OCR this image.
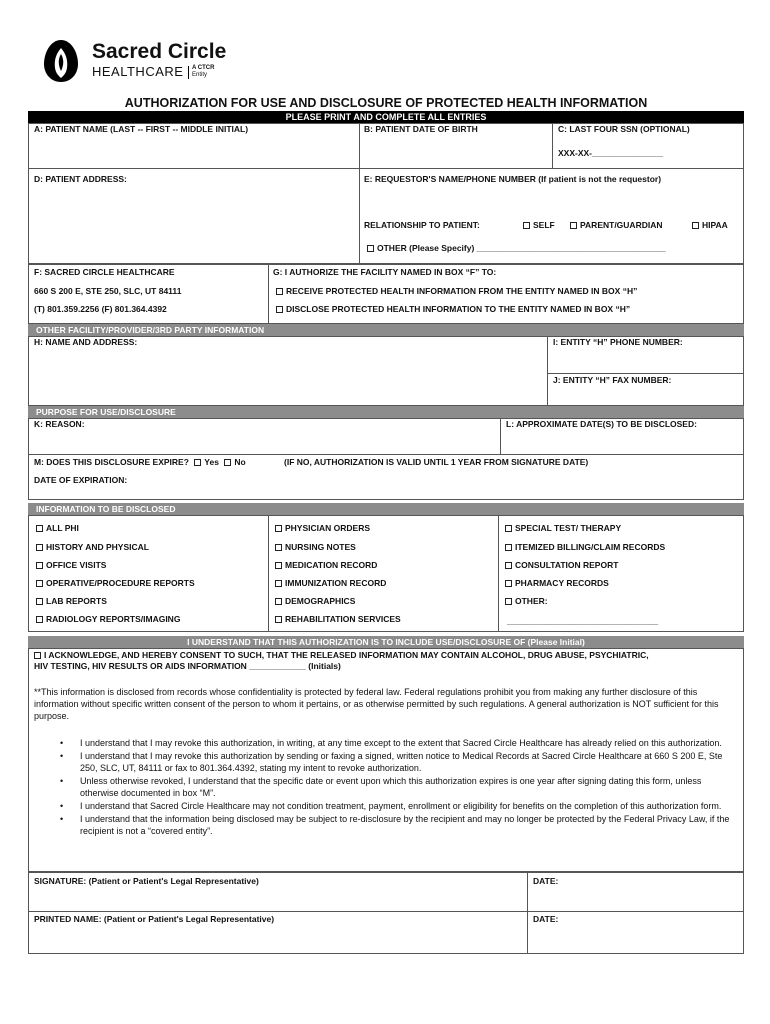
Sacred Circle
HEALTHCARE A CTCR
Entity
AUTHORIZATION FOR USE AND DISCLOSURE OF PROTECTED HEALTH INFORMATION
PLEASE PRINT AND COMPLETE ALL ENTRIES
A: PATIENT NAME (LAST -- FIRST -- MIDDLE INITIAL)	B: PATIENT DATE OF BIRTH	C: LAST FOUR SSN (OPTIONAL)
XXX-XX-_______________
D: PATIENT ADDRESS:	E: REQUESTOR'S NAME/PHONE NUMBER (If patient is not the requestor)
RELATIONSHIP TO PATIENT:	SELF	PARENT/GUARDIAN	HIPAA
OTHER (Please Specify) ________________________________________
F: SACRED CIRCLE HEALTHCARE
660 S 200 E, STE 250, SLC, UT 84111
(T) 801.359.2256 (F) 801.364.4392
G: I AUTHORIZE THE FACILITY NAMED IN BOX “F” TO:
RECEIVE PROTECTED HEALTH INFORMATION FROM THE ENTITY NAMED IN BOX “H”
DISCLOSE PROTECTED HEALTH INFORMATION TO THE ENTITY NAMED IN BOX “H”
OTHER FACILITY/PROVIDER/3RD PARTY INFORMATION
H: NAME AND ADDRESS:	I: ENTITY “H” PHONE NUMBER:
J: ENTITY “H” FAX NUMBER:
PURPOSE FOR USE/DISCLOSURE
K: REASON:	L: APPROXIMATE DATE(S) TO BE DISCLOSED:
M: DOES THIS DISCLOSURE EXPIRE? Yes No	(IF NO, AUTHORIZATION IS VALID UNTIL 1 YEAR FROM SIGNATURE DATE)
DATE OF EXPIRATION:
INFORMATION TO BE DISCLOSED
ALL PHI
HISTORY AND PHYSICAL
OFFICE VISITS
OPERATIVE/PROCEDURE REPORTS
LAB REPORTS
RADIOLOGY REPORTS/IMAGING
PHYSICIAN ORDERS
NURSING NOTES
MEDICATION RECORD
IMMUNIZATION RECORD
DEMOGRAPHICS
REHABILITATION SERVICES
SPECIAL TEST/ THERAPY
ITEMIZED BILLING/CLAIM RECORDS
CONSULTATION REPORT
PHARMACY RECORDS
OTHER:
________________________________
I UNDERSTAND THAT THIS AUTHORIZATION IS TO INCLUDE USE/DISCLOSURE OF (Please Initial)
I ACKNOWLEDGE, AND HEREBY CONSENT TO SUCH, THAT THE RELEASED INFORMATION MAY CONTAIN ALCOHOL, DRUG ABUSE, PSYCHIATRIC,
HIV TESTING, HIV RESULTS OR AIDS INFORMATION ____________ (Initials)
**This information is disclosed from records whose confidentiality is protected by federal law. Federal regulations prohibit you from making any further disclosure of this information without specific written consent of the person to whom it pertains, or as otherwise permitted by such regulations. A general authorization is NOT sufficient for this purpose.
• I understand that I may revoke this authorization, in writing, at any time except to the extent that Sacred Circle Healthcare has already relied on this authorization.
• I understand that I may revoke this authorization by sending or faxing a signed, written notice to Medical Records at Sacred Circle Healthcare at 660 S 200 E, Ste 250, SLC, UT, 84111 or fax to 801.364.4392, stating my intent to revoke authorization.
• Unless otherwise revoked, I understand that the specific date or event upon which this authorization expires is one year after signing dating this form, unless otherwise documented in box “M”.
• I understand that Sacred Circle Healthcare may not condition treatment, payment, enrollment or eligibility for benefits on the completion of this authorization form.
• I understand that the information being disclosed may be subject to re-disclosure by the recipient and may no longer be protected by the Federal Privacy Law, if the recipient is not a “covered entity”.
SIGNATURE: (Patient or Patient's Legal Representative)	DATE:
PRINTED NAME: (Patient or Patient's Legal Representative)	DATE:
